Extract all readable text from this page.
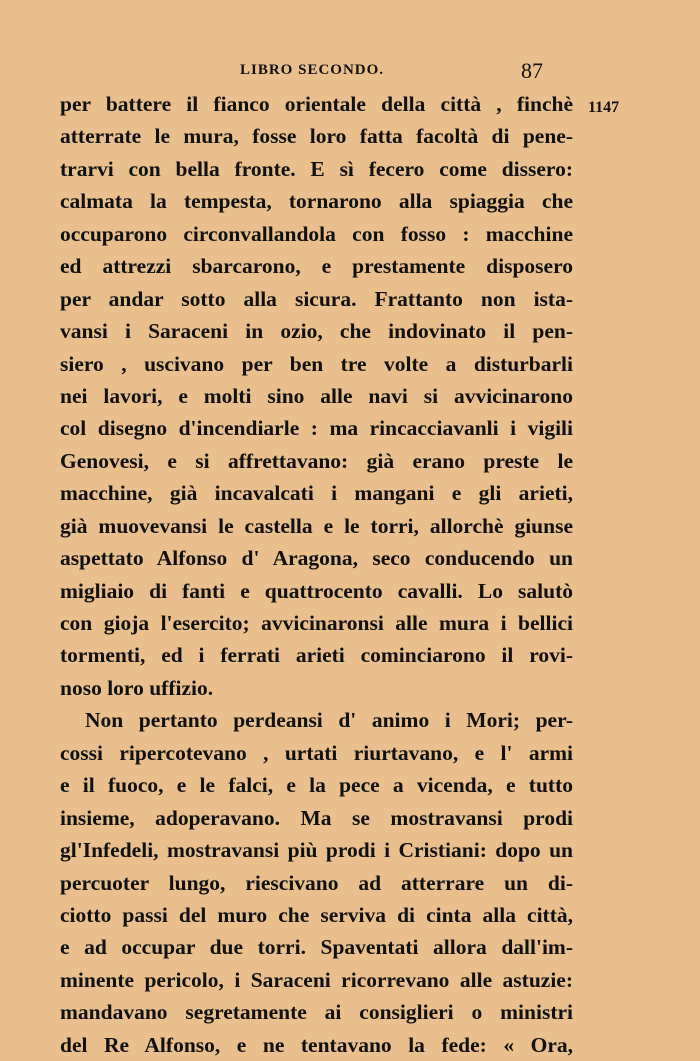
LIBRO SECONDO.	87
1147
per battere il fianco orientale della città , finchè
atterrate le mura, fosse loro fatta facoltà di pene-
trarvi con bella fronte. E sì fecero come dissero:
calmata la tempesta, tornarono alla spiaggia che
occuparono circonvallandola con fosso : macchine
ed attrezzi sbarcarono, e prestamente disposero
per andar sotto alla sicura. Frattanto non ista-
vansi i Saraceni in ozio, che indovinato il pen-
siero , uscivano per ben tre volte a disturbarli
nei lavori, e molti sino alle navi si avvicinarono
col disegno d'incendiarle : ma rincacciavanli i vigili
Genovesi, e si affrettavano: già erano preste le
macchine, già incavalcati i mangani e gli arieti,
già muovevansi le castella e le torri, allorchè giunse
aspettato Alfonso d' Aragona, seco conducendo un
migliaio di fanti e quattrocento cavalli. Lo salutò
con gioja l'esercito; avvicinaronsi alle mura i bellici
tormenti, ed i ferrati arieti cominciarono il rovi-
noso loro uffizio.
Non pertanto perdeansi d' animo i Mori; per-
cossi ripercotevano , urtati riurtavano, e l' armi
e il fuoco, e le falci, e la pece a vicenda, e tutto
insieme, adoperavano. Ma se mostravansi prodi
gl'Infedeli, mostravansi più prodi i Cristiani: dopo un
percuoter lungo, riescivano ad atterrare un di-
ciotto passi del muro che serviva di cinta alla città,
e ad occupar due torri. Spaventati allora dall'im-
minente pericolo, i Saraceni ricorrevano alle astuzie:
mandavano segretamente ai consiglieri o ministri
del Re Alfonso, e ne tentavano la fede: « Ora,
